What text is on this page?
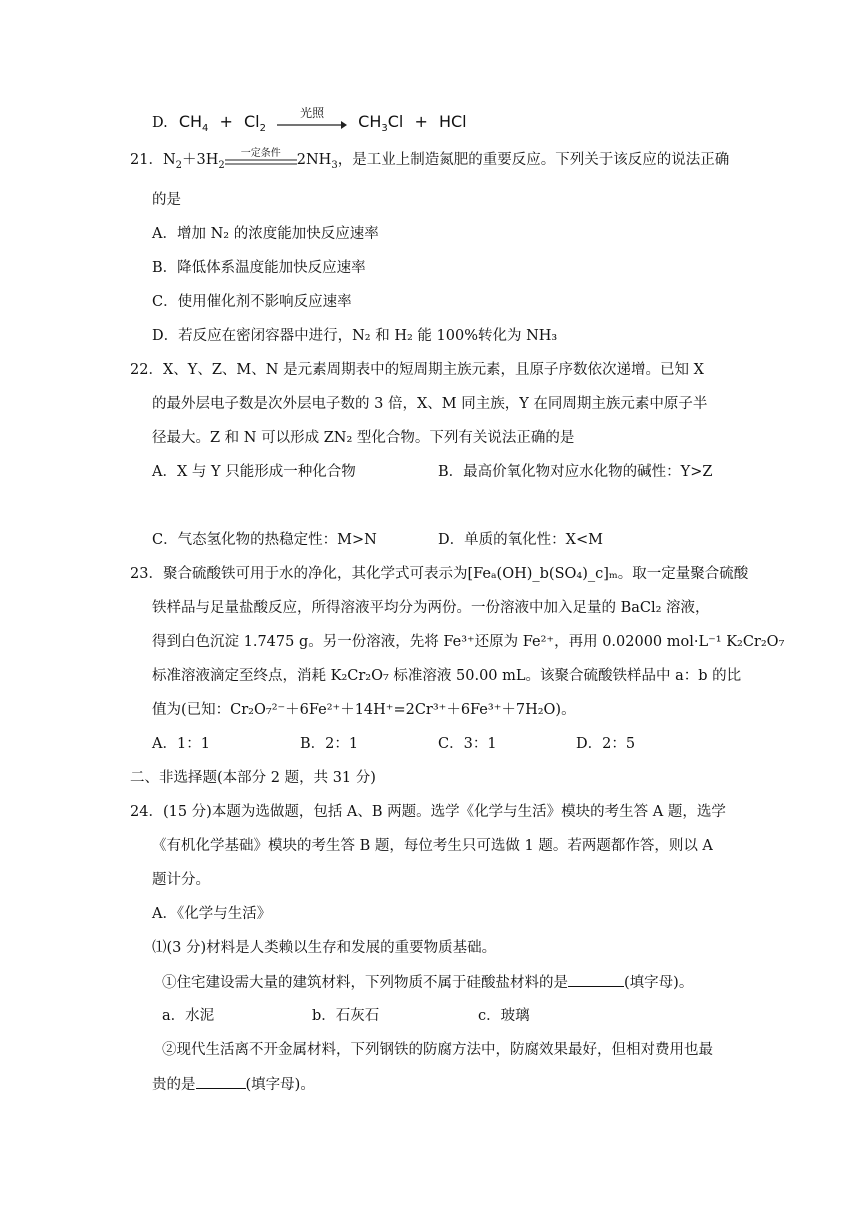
D. $CH_4 + Cl_2$
光照	$CH_3Cl$ + HCl
21．$N_2+3H_2$
一定条件	$2NH_3$，是工业上制造氮肥的重要反应。下列关于该反应的说法正确
的是
A．增加 N₂ 的浓度能加快反应速率
B．降低体系温度能加快反应速率
C．使用催化剂不影响反应速率
D．若反应在密闭容器中进行，N₂ 和 H₂ 能 100%转化为 NH₃
22．X、Y、Z、M、N 是元素周期表中的短周期主族元素，且原子序数依次递增。已知 X
的最外层电子数是次外层电子数的 3 倍，X、M 同主族，Y 在同周期主族元素中原子半
径最大。Z 和 N 可以形成 ZN₂ 型化合物。下列有关说法正确的是
A．X 与 Y 只能形成一种化合物	B．最高价氧化物对应水化物的碱性：Y>Z
C．气态氢化物的热稳定性：M>N	D．单质的氧化性：X<M
23．聚合硫酸铁可用于水的净化，其化学式可表示为[Feₐ(OH)_b(SO₄)_c]ₘ。取一定量聚合硫酸
铁样品与足量盐酸反应，所得溶液平均分为两份。一份溶液中加入足量的 BaCl₂ 溶液，
得到白色沉淀 1.7475 g。另一份溶液，先将 Fe³⁺还原为 Fe²⁺，再用 0.02000 mol·L⁻¹ K₂Cr₂O₇
标准溶液滴定至终点，消耗 K₂Cr₂O₇ 标准溶液 50.00 mL。该聚合硫酸铁样品中 a：b 的比
值为(已知：Cr₂O₇²⁻＋6Fe²⁺＋14H⁺=2Cr³⁺＋6Fe³⁺＋7H₂O)。
A．1：1	B．2：1	C．3：1	D．2：5
二、非选择题(本部分 2 题，共 31 分)
24．(15 分)本题为选做题，包括 A、B 两题。选学《化学与生活》模块的考生答 A 题，选学
《有机化学基础》模块的考生答 B 题，每位考生只可选做 1 题。若两题都作答，则以 A
题计分。
A．《化学与生活》
⑴(3 分)材料是人类赖以生存和发展的重要物质基础。
①住宅建设需大量的建筑材料，下列物质不属于硅酸盐材料的是	(填字母)。
a．水泥	b．石灰石	c．玻璃
②现代生活离不开金属材料，下列钢铁的防腐方法中，防腐效果最好，但相对费用也最
贵的是	(填字母)。
